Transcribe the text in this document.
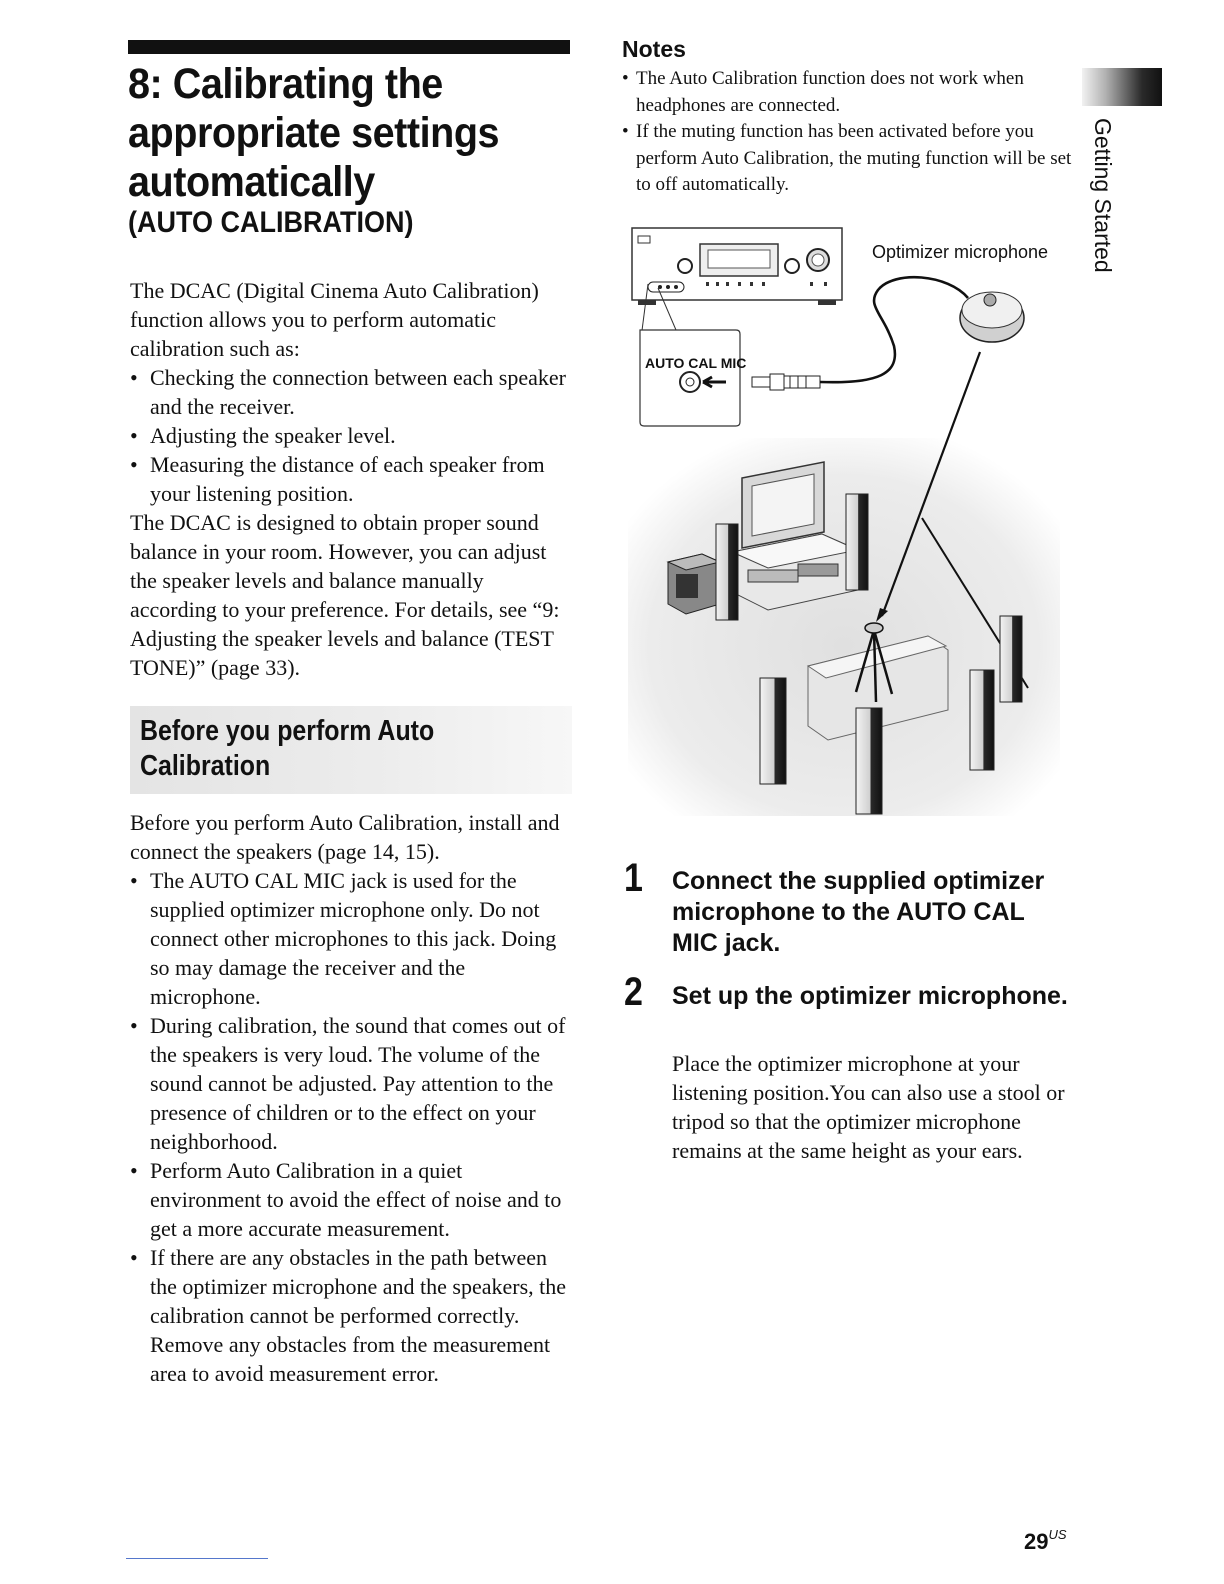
8: Calibrating the appropriate settings automatically
(AUTO CALIBRATION)

The DCAC (Digital Cinema Auto Calibration) function allows you to perform automatic calibration such as:

• Checking the connection between each speaker and the receiver.
• Adjusting the speaker level.
• Measuring the distance of each speaker from your listening position.

The DCAC is designed to obtain proper sound balance in your room. However, you can adjust the speaker levels and balance manually according to your preference. For details, see “9: Adjusting the speaker levels and balance (TEST TONE)” (page 33).

Before you perform Auto Calibration

Before you perform Auto Calibration, install and connect the speakers (page 14, 15).

• The AUTO CAL MIC jack is used for the supplied optimizer microphone only. Do not connect other microphones to this jack. Doing so may damage the receiver and the microphone.
• During calibration, the sound that comes out of the speakers is very loud. The volume of the sound cannot be adjusted. Pay attention to the presence of children or to the effect on your neighborhood.
• Perform Auto Calibration in a quiet environment to avoid the effect of noise and to get a more accurate measurement.
• If there are any obstacles in the path between the optimizer microphone and the speakers, the calibration cannot be performed correctly. Remove any obstacles from the measurement area to avoid measurement error.
Notes
• The Auto Calibration function does not work when headphones are connected.
• If the muting function has been activated before you perform Auto Calibration, the muting function will be set to off automatically.
AUTO CAL MIC
Optimizer microphone
1 Connect the supplied optimizer microphone to the AUTO CAL MIC jack.
2 Set up the optimizer microphone.

Place the optimizer microphone at your listening position.You can also use a stool or tripod so that the optimizer microphone remains at the same height as your ears.

Getting Started
$29^{US}$
